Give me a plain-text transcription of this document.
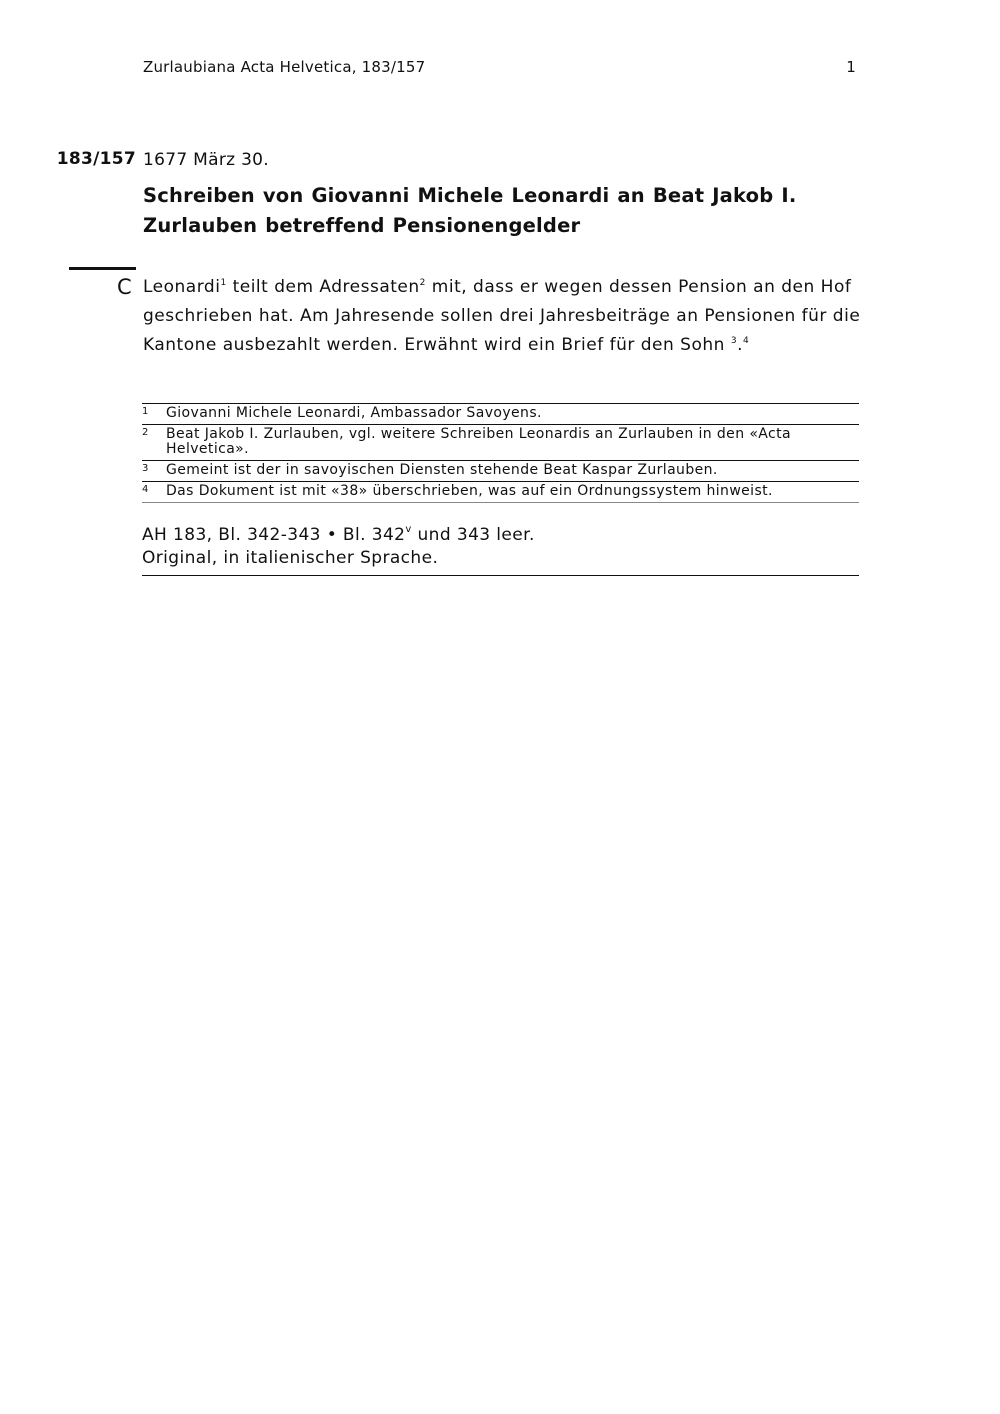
Zurlaubiana Acta Helvetica, 183/157	1
183/157 1677 März 30.
Schreiben von Giovanni Michele Leonardi an Beat Jakob I.
Zurlauben betreffend Pensionengelder
C Leonardi$^1$ teilt dem Adressaten$^2$ mit, dass er wegen dessen Pension an den Hof geschrieben hat. Am Jahresende sollen drei Jahresbeiträge an Pensionen für die Kantone ausbezahlt werden. Erwähnt wird ein Brief für den Sohn $^3$.$^4$

1 Giovanni Michele Leonardi, Ambassador Savoyens.
2 Beat Jakob I. Zurlauben, vgl. weitere Schreiben Leonardis an Zurlauben in den «Acta Helvetica».
3 Gemeint ist der in savoyischen Diensten stehende Beat Kaspar Zurlauben.
4 Das Dokument ist mit «38» überschrieben, was auf ein Ordnungssystem hinweist.
AH 183, Bl. 342-343 • Bl. 342$^v$ und 343 leer.
Original, in italienischer Sprache.
